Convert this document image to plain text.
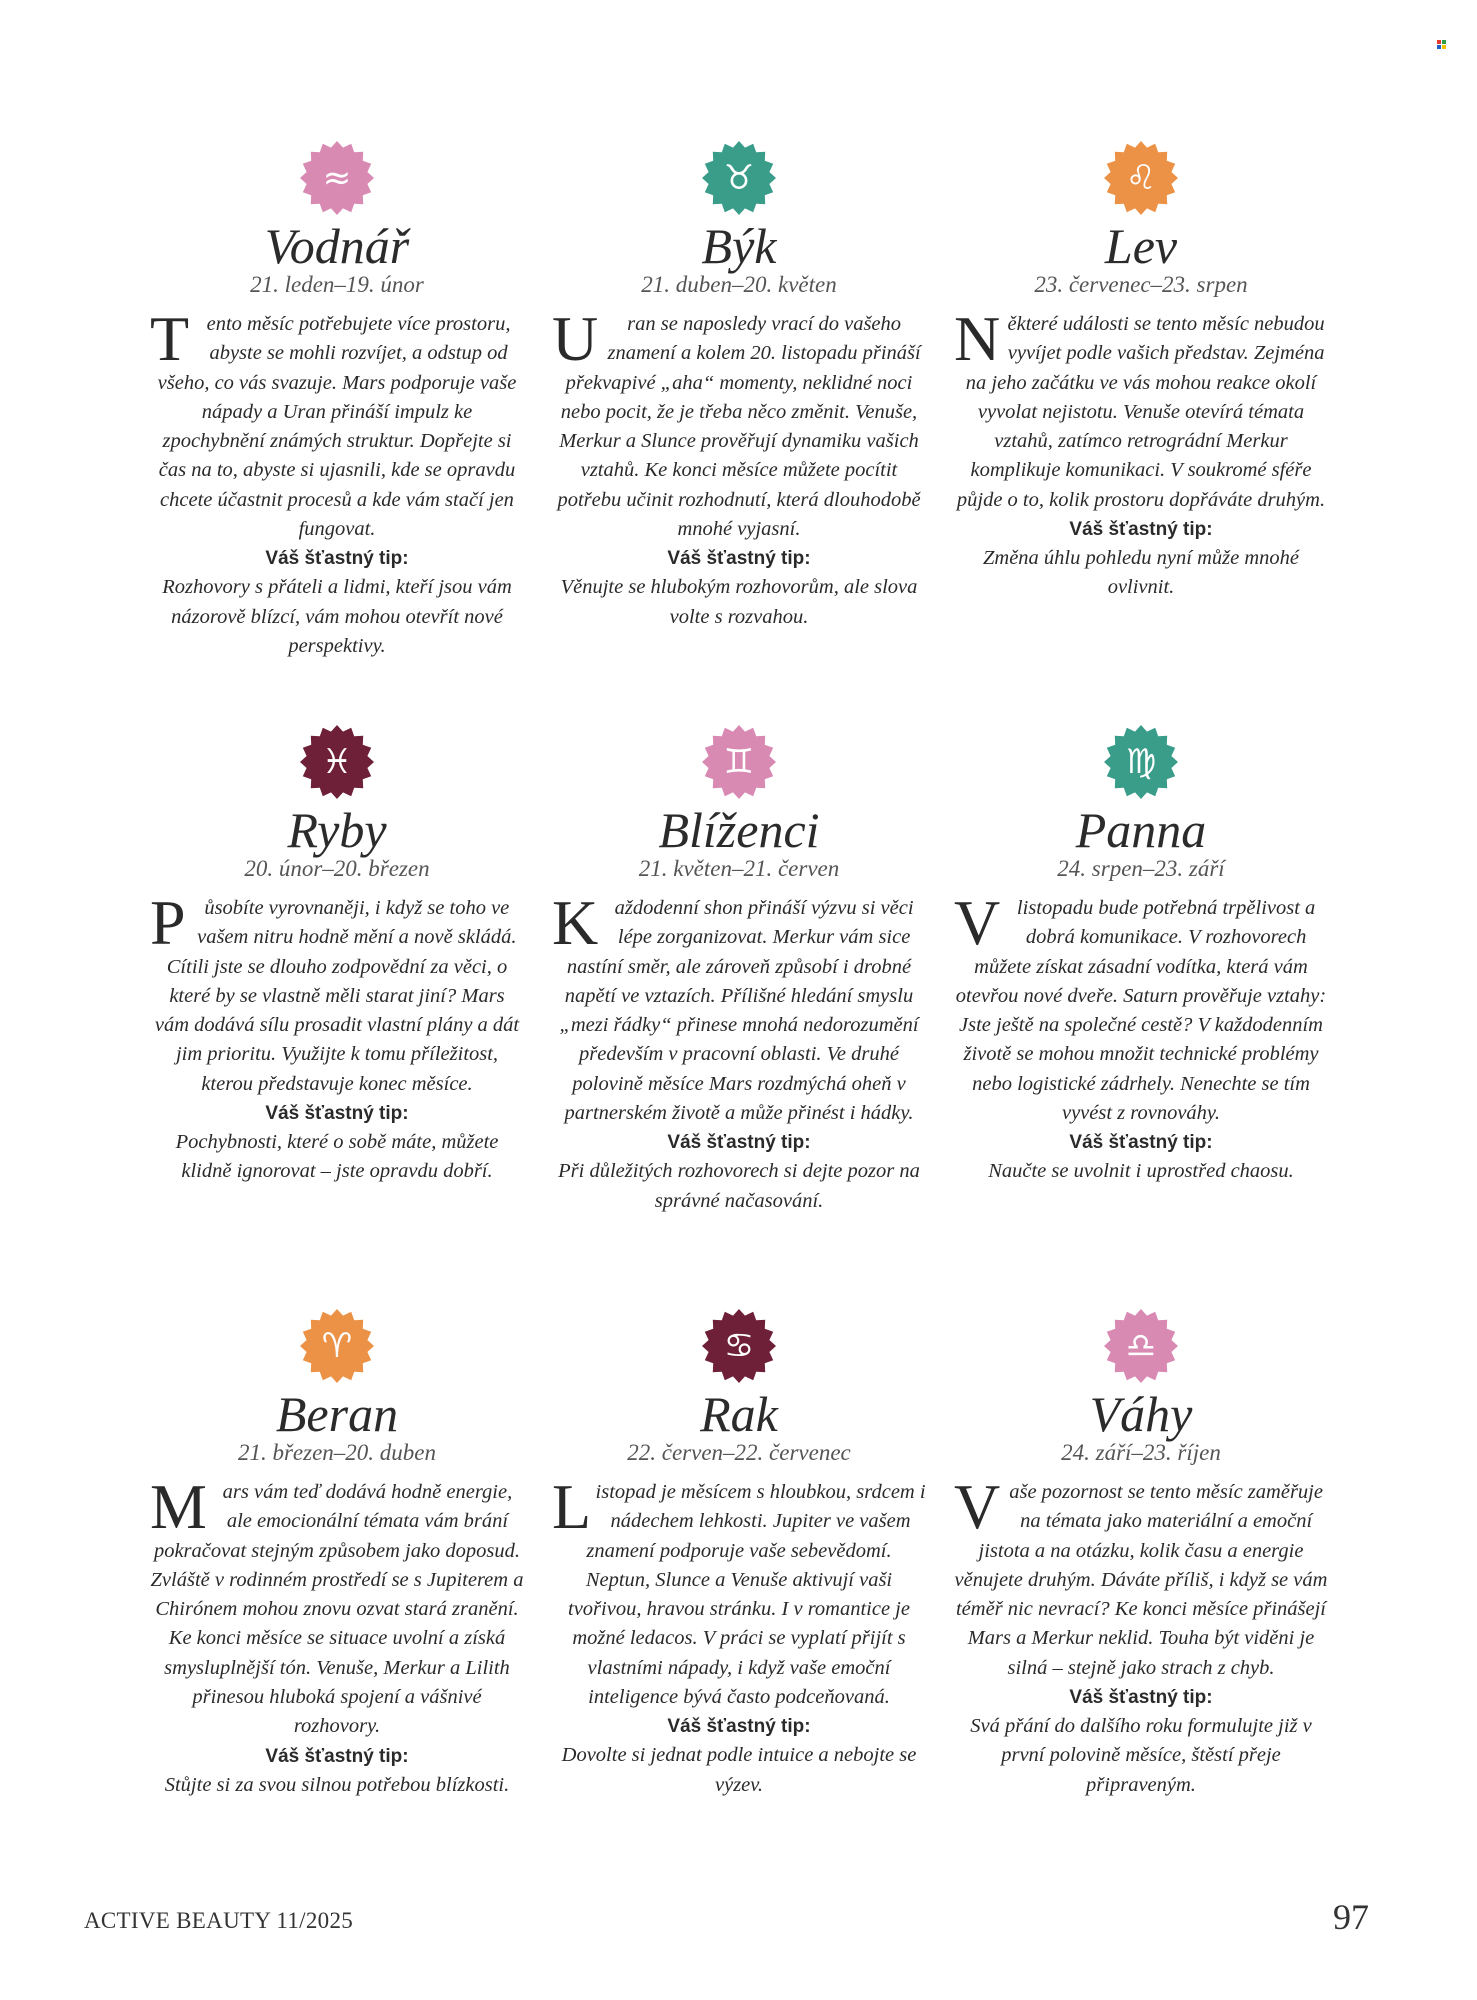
≈
Vodnář
21. leden–19. únor
Tento měsíc potřebujete více prostoru, abyste se mohli rozvíjet, a odstup od všeho, co vás svazuje. Mars podporuje vaše nápady a Uran přináší impulz ke zpochybnění známých struktur. Dopřejte si čas na to, abyste si ujasnili, kde se opravdu chcete účastnit procesů a kde vám stačí jen fungovat.
Váš šťastný tip:
Rozhovory s přáteli a lidmi, kteří jsou vám názorově blízcí, vám mohou otevřít nové perspektivy.
♉
Býk
21. duben–20. květen
U ran se naposledy vrací do vašeho znamení a kolem 20. listopadu přináší překvapivé „aha“ momenty, neklidné noci nebo pocit, že je třeba něco změnit. Venuše, Merkur a Slunce prověřují dynamiku vašich vztahů. Ke konci měsíce můžete pocítit potřebu učinit rozhodnutí, která dlouhodobě mnohé vyjasní.
Váš šťastný tip:
Věnujte se hlubokým rozhovorům, ale slova volte s rozvahou.
♌
Lev
23. červenec–23. srpen
Některé události se tento měsíc nebudou vyvíjet podle vašich představ. Zejména na jeho začátku ve vás mohou reakce okolí vyvolat nejistotu. Venuše otevírá témata vztahů, zatímco retrográdní Merkur komplikuje komunikaci. V soukromé sféře půjde o to, kolik prostoru dopřáváte druhým.
Váš šťastný tip:
Změna úhlu pohledu nyní může mnohé ovlivnit.
♓
Ryby
20. únor–20. březen
Působíte vyrovnaněji, i když se toho ve vašem nitru hodně mění a nově skládá. Cítili jste se dlouho zodpovědní za věci, o které by se vlastně měli starat jiní? Mars vám dodává sílu prosadit vlastní plány a dát jim prioritu. Využijte k tomu příležitost, kterou představuje konec měsíce.
Váš šťastný tip:
Pochybnosti, které o sobě máte, můžete klidně ignorovat – jste opravdu dobří.
♊
Blíženci
21. květen–21. červen
Každodenní shon přináší výzvu si věci lépe zorganizovat. Merkur vám sice nastíní směr, ale zároveň způsobí i drobné napětí ve vztazích. Přílišné hledání smyslu „mezi řádky“ přinese mnohá nedorozumění především v pracovní oblasti. Ve druhé polovině měsíce Mars rozdmýchá oheň v partnerském životě a může přinést i hádky.
Váš šťastný tip:
Při důležitých rozhovorech si dejte pozor na správné načasování.
♍
Panna
24. srpen–23. září
Vlistopadu bude potřebná trpělivost a dobrá komunikace. V rozhovorech můžete získat zásadní vodítka, která vám otevřou nové dveře. Saturn prověřuje vztahy: Jste ještě na společné cestě? V každodenním životě se mohou množit technické problémy nebo logistické zádrhely. Nenechte se tím vyvést z rovnováhy.
Váš šťastný tip:
Naučte se uvolnit i uprostřed chaosu.
♈
Beran
21. březen–20. duben
Mars vám teď dodává hodně energie, ale emocionální témata vám brání pokračovat stejným způsobem jako doposud. Zvláště v rodinném prostředí se s Jupiterem a Chirónem mohou znovu ozvat stará zranění. Ke konci měsíce se situace uvolní a získá smysluplnější tón. Venuše, Merkur a Lilith přinesou hluboká spojení a vášnivé rozhovory.
Váš šťastný tip:
Stůjte si za svou silnou potřebou blízkosti.
♋
Rak
22. červen–22. červenec
Listopad je měsícem s hloubkou, srdcem i nádechem lehkosti. Jupiter ve vašem znamení podporuje vaše sebevědomí. Neptun, Slunce a Venuše aktivují vaši tvořivou, hravou stránku. I v romantice je možné ledacos. V práci se vyplatí přijít s vlastními nápady, i když vaše emoční inteligence bývá často podceňovaná.
Váš šťastný tip:
Dovolte si jednat podle intuice a nebojte se výzev.
♎
Váhy
24. září–23. říjen
Vaše pozornost se tento měsíc zaměřuje na témata jako materiální a emoční jistota a na otázku, kolik času a energie věnujete druhým. Dáváte příliš, i když se vám téměř nic nevrací? Ke konci měsíce přinášejí Mars a Merkur neklid. Touha být viděni je silná – stejně jako strach z chyb.
Váš šťastný tip:
Svá přání do dalšího roku formulujte již v první polovině měsíce, štěstí přeje připraveným.
ACTIVE BEAUTY 11/2025	97
